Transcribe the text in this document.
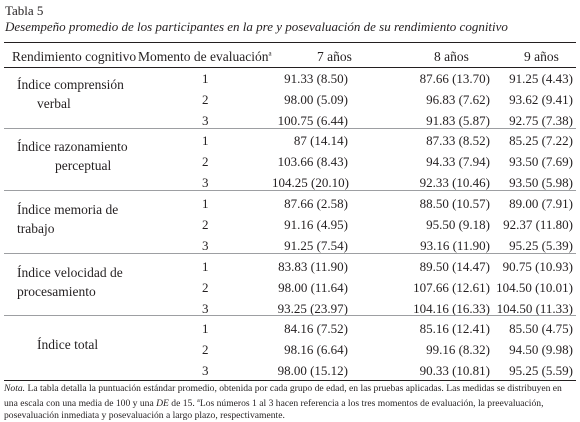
Tabla 5
Desempeño promedio de los participantes en la pre y posevaluación de su rendimiento cognitivo
Rendimiento cognitivo Momento de evaluación$^a$	7 años	8 años	9 años
Índice comprensión
verbal
1	91.33 (8.50)	87.66 (13.70)	91.25 (4.43)
2	98.00 (5.09)	96.83 (7.62)	93.62 (9.41)
3	100.75 (6.44)	91.83 (5.87)	92.75 (7.38)
Índice razonamiento
perceptual
1	87 (14.14)	87.33 (8.52)	85.25 (7.22)
2	103.66 (8.43)	94.33 (7.94)	93.50 (7.69)
3	104.25 (20.10)	92.33 (10.46)	93.50 (5.98)
Índice memoria de
trabajo
1	87.66 (2.58)	88.50 (10.57)	89.00 (7.91)
2	91.16 (4.95)	95.50 (9.18)	92.37 (11.80)
3	91.25 (7.54)	93.16 (11.90)	95.25 (5.39)
Índice velocidad de
procesamiento
1	83.83 (11.90)	89.50 (14.47) 90.75 (10.93)
2	98.00 (11.64)	107.66 (12.61) 104.50 (10.01)
3	93.25 (23.97)	104.16 (16.33) 104.50 (11.33)
Índice total
1	84.16 (7.52)	85.16 (12.41)	85.50 (4.75)
2	98.16 (6.64)	99.16 (8.32)	94.50 (9.98)
3	98.00 (15.12)	90.33 (10.81)	95.25 (5.59)
Nota. La tabla detalla la puntuación estándar promedio, obtenida por cada grupo de edad, en las pruebas aplicadas. Las medidas se distribuyen en una escala con una media de 100 y una DE de 15. $^a$Los números 1 al 3 hacen referencia a los tres momentos de evaluación, la preevaluación, posevaluación inmediata y posevaluación a largo plazo, respectivamente.
